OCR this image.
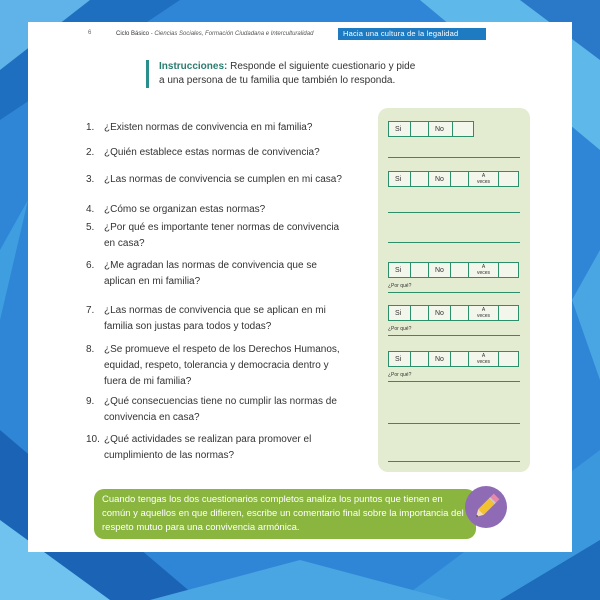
6	Ciclo Básico - Ciencias Sociales, Formación Ciudadana e Interculturalidad	Hacia una cultura de la legalidad
Instrucciones: Responde el siguiente cuestionario y pide
a una persona de tu familia que también lo responda.
1. ¿Existen normas de convivencia en mi familia?
2. ¿Quién establece estas normas de convivencia?
3. ¿Las normas de convivencia se cumplen en mi casa?
4. ¿Cómo se organizan estas normas?
5. ¿Por qué es importante tener normas de convivencia
en casa?
6. ¿Me agradan las normas de convivencia que se
aplican en mi familia?
7. ¿Las normas de convivencia que se aplican en mi
familia son justas para todos y todas?
8. ¿Se promueve el respeto de los Derechos Humanos,
equidad, respeto, tolerancia y democracia dentro y
fuera de mi familia?
9. ¿Qué consecuencias tiene no cumplir las normas de
convivencia en casa?
10. ¿Qué actividades se realizan para promover el
cumplimiento de las normas?
Si	No
Si	No	A
veces
Si	No	A
veces
¿Por qué?
Si	No	A
veces
¿Por qué?
Si	No	A
veces
¿Por qué?
Cuando tengas los dos cuestionarios completos analiza los puntos que tienen en común y aquellos en que difieren, escribe un comentario final sobre la importancia del respeto mutuo para una convivencia armónica.
